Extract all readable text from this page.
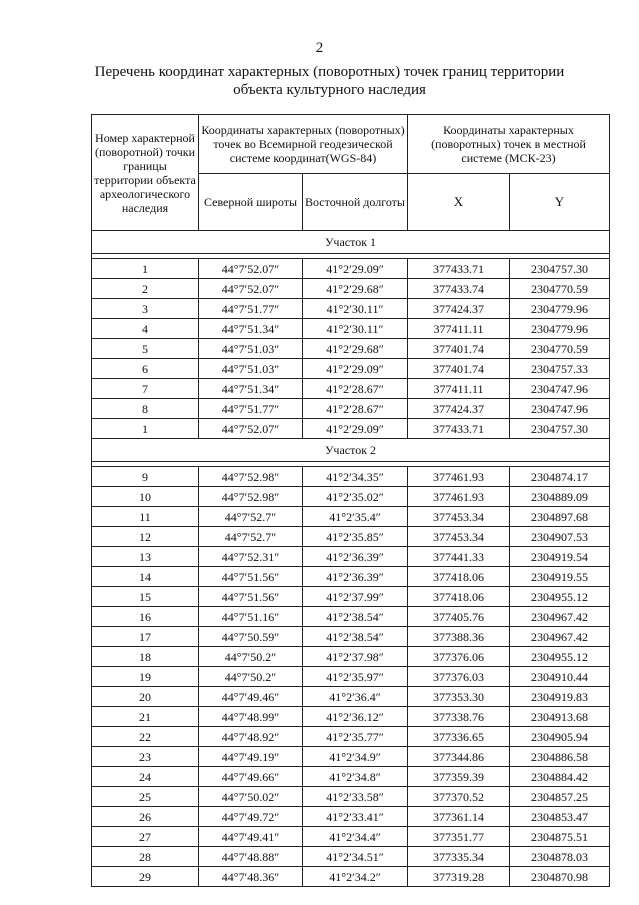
2
Перечень координат характерных (поворотных) точек границ территории
объекта культурного наследия
Номер характерной (поворотной) точки границы территории объекта археологического наследия	Координаты характерных (поворотных) точек во Всемирной геодезической системе координат(WGS-84)		Координаты характерных (поворотных) точек в местной системе (МСК-23)	
	Северной широты	Восточной долготы	X	Y
Участок 1				

1	44°7′52.07″	41°2′29.09″	377433.71	2304757.30
2	44°7′52.07″	41°2′29.68″	377433.74	2304770.59
3	44°7′51.77″	41°2′30.11″	377424.37	2304779.96
4	44°7′51.34″	41°2′30.11″	377411.11	2304779.96
5	44°7′51.03″	41°2′29.68″	377401.74	2304770.59
6	44°7′51.03″	41°2′29.09″	377401.74	2304757.33
7	44°7′51.34″	41°2′28.67″	377411.11	2304747.96
8	44°7′51.77″	41°2′28.67″	377424.37	2304747.96
1	44°7′52.07″	41°2′29.09″	377433.71	2304757.30
Участок 2				

9	44°7′52.98″	41°2′34.35″	377461.93	2304874.17
10	44°7′52.98″	41°2′35.02″	377461.93	2304889.09
11	44°7′52.7″	41°2′35.4″	377453.34	2304897.68
12	44°7′52.7″	41°2′35.85″	377453.34	2304907.53
13	44°7′52.31″	41°2′36.39″	377441.33	2304919.54
14	44°7′51.56″	41°2′36.39″	377418.06	2304919.55
15	44°7′51.56″	41°2′37.99″	377418.06	2304955.12
16	44°7′51.16″	41°2′38.54″	377405.76	2304967.42
17	44°7′50.59″	41°2′38.54″	377388.36	2304967.42
18	44°7′50.2″	41°2′37.98″	377376.06	2304955.12
19	44°7′50.2″	41°2′35.97″	377376.03	2304910.44
20	44°7′49.46″	41°2′36.4″	377353.30	2304919.83
21	44°7′48.99″	41°2′36.12″	377338.76	2304913.68
22	44°7′48.92″	41°2′35.77″	377336.65	2304905.94
23	44°7′49.19″	41°2′34.9″	377344.86	2304886.58
24	44°7′49.66″	41°2′34.8″	377359.39	2304884.42
25	44°7′50.02″	41°2′33.58″	377370.52	2304857.25
26	44°7′49.72″	41°2′33.41″	377361.14	2304853.47
27	44°7′49.41″	41°2′34.4″	377351.77	2304875.51
28	44°7′48.88″	41°2′34.51″	377335.34	2304878.03
29	44°7′48.36″	41°2′34.2″	377319.28	2304870.98
